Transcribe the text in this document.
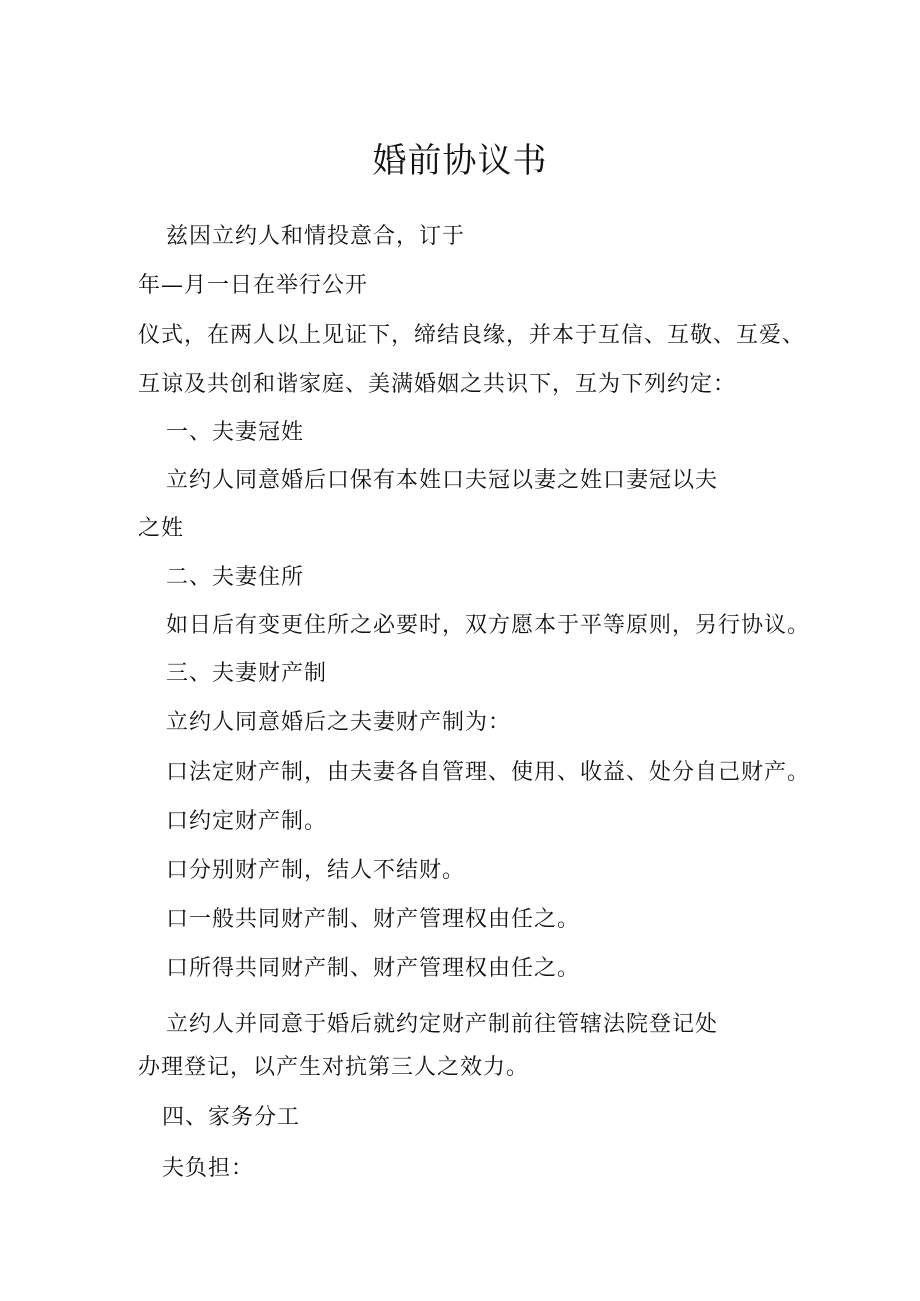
婚前协议书

兹因立约人和情投意合，订于

年—月一日在举行公开

仪式，在两人以上见证下，缔结良缘，并本于互信、互敬、互爱、

互谅及共创和谐家庭、美满婚姻之共识下，互为下列约定：

一、夫妻冠姓

立约人同意婚后口保有本姓口夫冠以妻之姓口妻冠以夫

之姓

二、夫妻住所

如日后有变更住所之必要时，双方愿本于平等原则，另行协议。

三、夫妻财产制

立约人同意婚后之夫妻财产制为：

口法定财产制，由夫妻各自管理、使用、收益、处分自己财产。

口约定财产制。

口分别财产制，结人不结财。

口一般共同财产制、财产管理权由任之。

口所得共同财产制、财产管理权由任之。

立约人并同意于婚后就约定财产制前往管辖法院登记处

办理登记，以产生对抗第三人之效力。

四、家务分工

夫负担：
